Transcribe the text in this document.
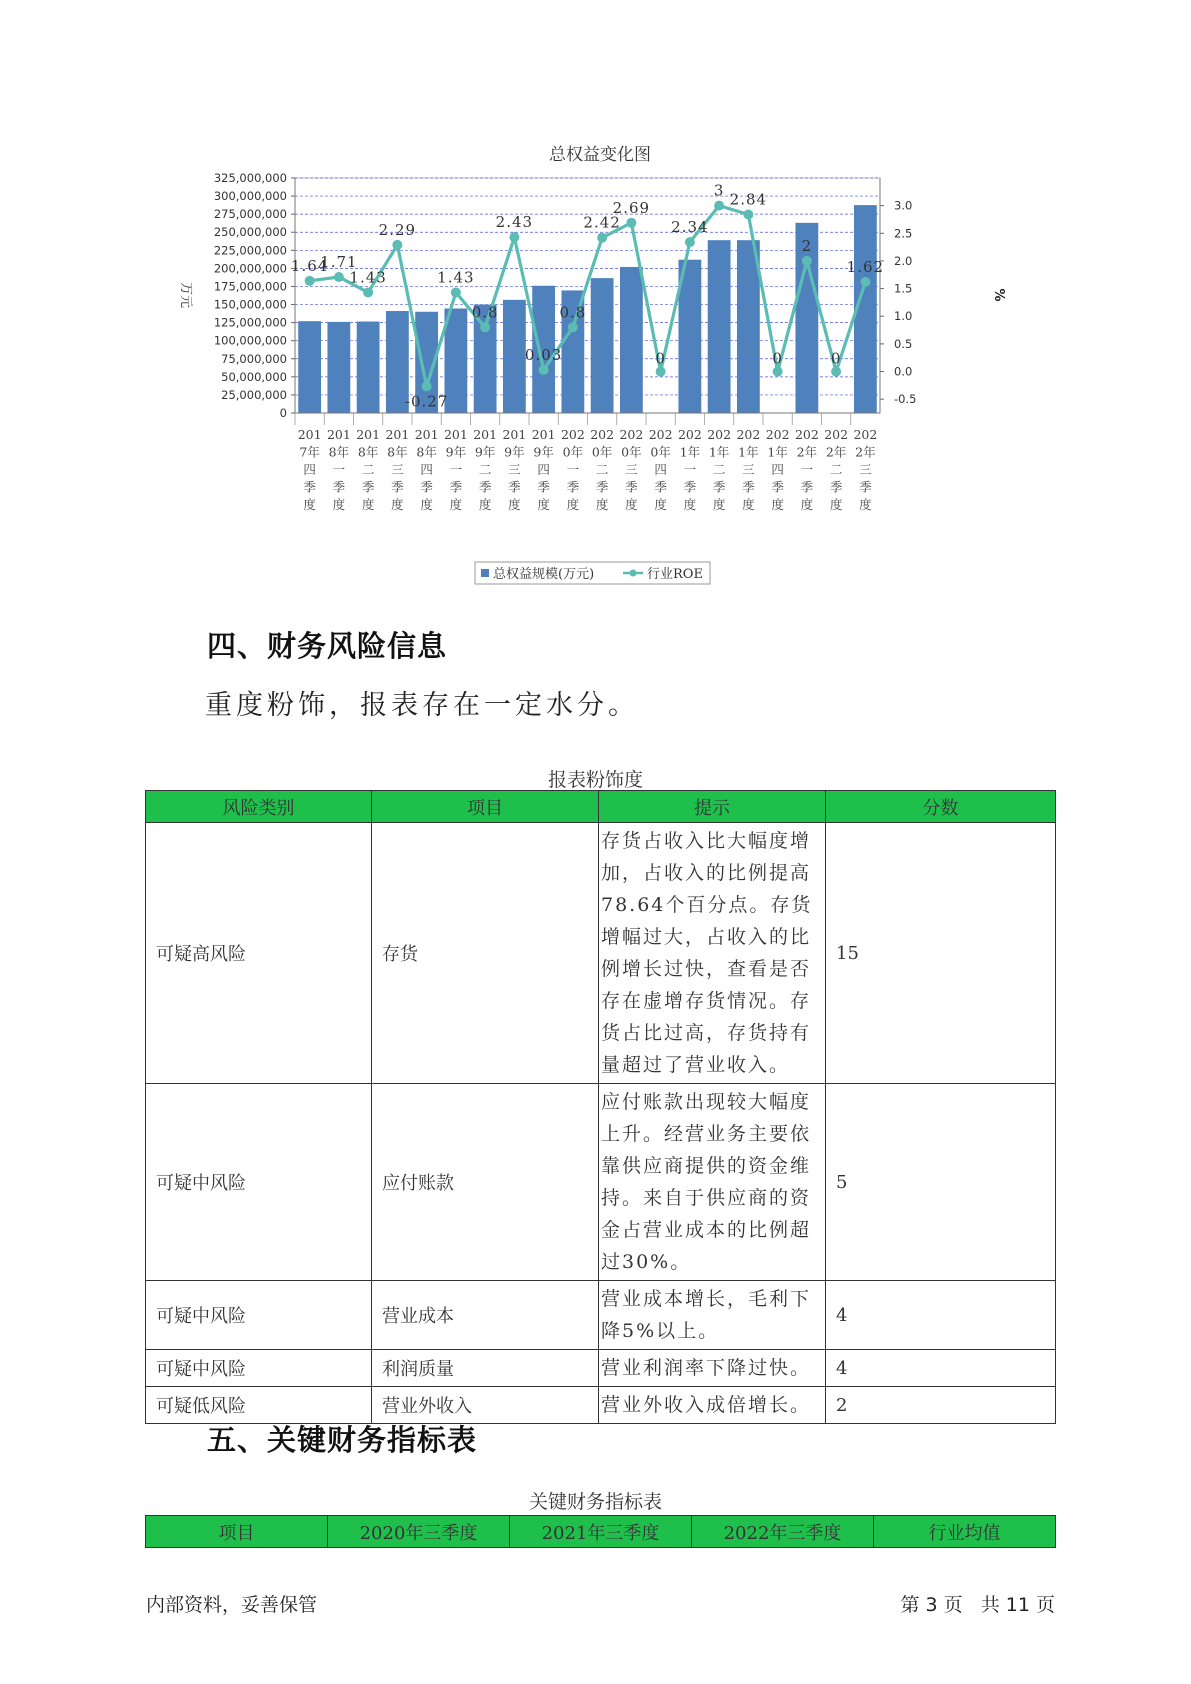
总权益变化图
325,000,000
300,000,000
275,000,000
250,000,000
225,000,000
200,000,000
175,000,000
150,000,000
125,000,000
100,000,000
75,000,000
50,000,000
25,000,000
0
3.0
2.5
2.0
1.5
1.0
0.5
0.0
-0.5
万元	%
1.64
1.71
1.43
2.29
-0.27
1.43
0.8
2.43
0.03
0.8
2.42
2.69
0
2.34
3 2.84
0
2
0
1.62
201 7年四季度
201 8年一季度
201 8年二季度
201 8年三季度
201 8年四季度
201 9年一季度
201 9年二季度
201 9年三季度
201 9年四季度
202 0年一季度
202 0年二季度
202 0年三季度
202 0年四季度
202 1年一季度
202 1年二季度
202 1年三季度
202 1年四季度
202 2年一季度
202 2年二季度
202 2年三季度
总权益规模(万元)	行业ROE
四、财务风险信息

重度粉饰，报表存在一定水分。

报表粉饰度
风险类别	项目	提示	分数
可疑高风险	存货	存货占收入比大幅度增加，占收入的比例提高78.64个百分点。存货增幅过大，占收入的比例增长过快，查看是否存在虚增存货情况。存货占比过高，存货持有量超过了营业收入。	15
可疑中风险	应付账款	应付账款出现较大幅度上升。经营业务主要依靠供应商提供的资金维持。来自于供应商的资金占营业成本的比例超过30%。	5
可疑中风险	营业成本	营业成本增长，毛利下降5%以上。	4
可疑中风险	利润质量	营业利润率下降过快。	4
可疑低风险	营业外收入	营业外收入成倍增长。	2
五、关键财务指标表
关键财务指标表
项目	2020年三季度	2021年三季度	2022年三季度	行业均值
内部资料，妥善保管	第 3 页   共 11 页
